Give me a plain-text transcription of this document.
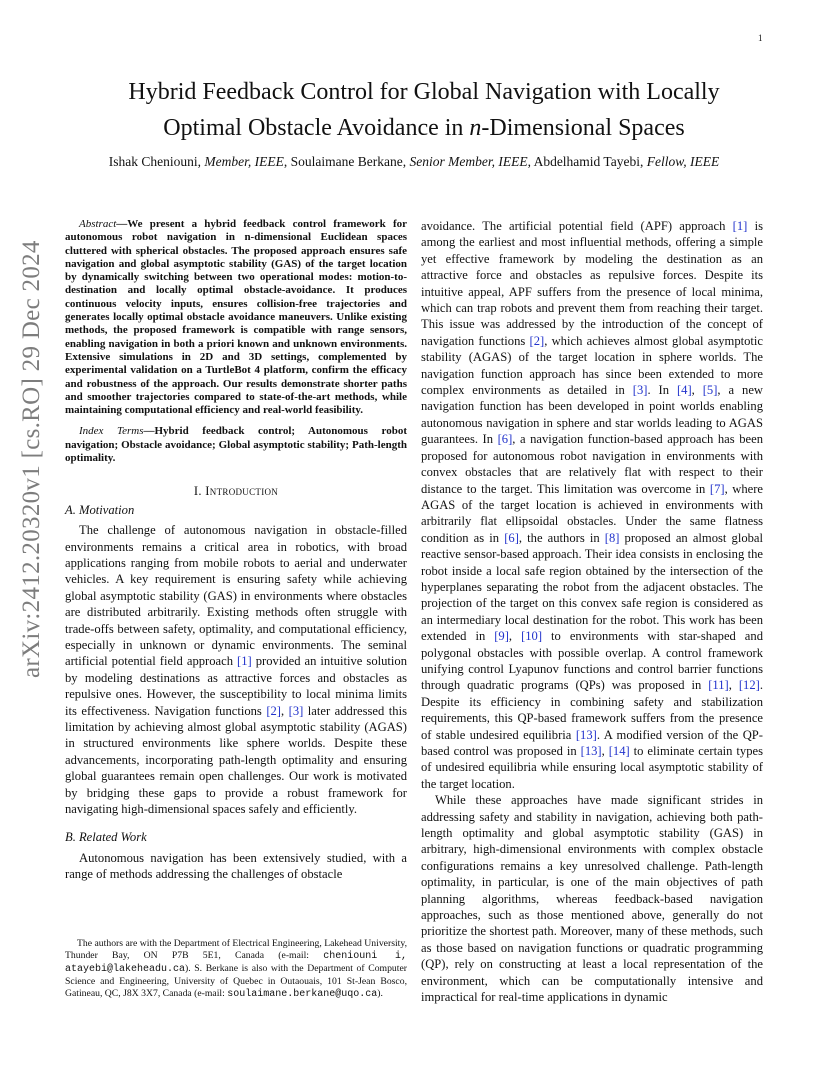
1
arXiv:2412.20320v1 [cs.RO] 29 Dec 2024
Hybrid Feedback Control for Global Navigation with Locally
Optimal Obstacle Avoidance in n-Dimensional Spaces
Ishak Cheniouni, Member, IEEE, Soulaimane Berkane, Senior Member, IEEE, Abdelhamid Tayebi, Fellow, IEEE

Abstract—We present a hybrid feedback control framework for autonomous robot navigation in n-dimensional Euclidean spaces cluttered with spherical obstacles. The proposed approach ensures safe navigation and global asymptotic stability (GAS) of the target location by dynamically switching between two operational modes: motion-to-destination and locally optimal obstacle-avoidance. It produces continuous velocity inputs, ensures collision-free trajectories and generates locally optimal obstacle avoidance maneuvers. Unlike existing methods, the proposed framework is compatible with range sensors, enabling navigation in both a priori known and unknown environments. Extensive simulations in 2D and 3D settings, complemented by experimental validation on a TurtleBot 4 platform, confirm the efficacy and robustness of the approach. Our results demonstrate shorter paths and smoother trajectories compared to state-of-the-art methods, while maintaining computational efficiency and real-world feasibility.

Index Terms—Hybrid feedback control; Autonomous robot navigation; Obstacle avoidance; Global asymptotic stability; Path-length optimality.

I. Introduction
A. Motivation

The challenge of autonomous navigation in obstacle-filled environments remains a critical area in robotics, with broad applications ranging from mobile robots to aerial and underwater vehicles. A key requirement is ensuring safety while achieving global asymptotic stability (GAS) in environments where obstacles are distributed arbitrarily. Existing methods often struggle with trade-offs between safety, optimality, and computational efficiency, especially in unknown or dynamic environments. The seminal artificial potential field approach [1] provided an intuitive solution by modeling destinations as attractive forces and obstacles as repulsive ones. However, the susceptibility to local minima limits its effectiveness. Navigation functions [2], [3] later addressed this limitation by achieving almost global asymptotic stability (AGAS) in structured environments like sphere worlds. Despite these advancements, incorporating path-length optimality and ensuring global guarantees remain open challenges. Our work is motivated by bridging these gaps to provide a robust framework for navigating high-dimensional spaces safely and efficiently.

B. Related Work

Autonomous navigation has been extensively studied, with a range of methods addressing the challenges of obstacle

The authors are with the Department of Electrical Engineering, Lakehead University, Thunder Bay, ON P7B 5E1, Canada (e-mail: cheniouni i, atayebi@lakeheadu.ca). S. Berkane is also with the Department of Computer Science and Engineering, University of Quebec in Outaouais, 101 St-Jean Bosco, Gatineau, QC, J8X 3X7, Canada (e-mail: soulaimane.berkane@uqo.ca).

avoidance. The artificial potential field (APF) approach [1] is among the earliest and most influential methods, offering a simple yet effective framework by modeling the destination as an attractive force and obstacles as repulsive forces. Despite its intuitive appeal, APF suffers from the presence of local minima, which can trap robots and prevent them from reaching their target. This issue was addressed by the introduction of the concept of navigation functions [2], which achieves almost global asymptotic stability (AGAS) of the target location in sphere worlds. The navigation function approach has since been extended to more complex environments as detailed in [3]. In [4], [5], a new navigation function has been developed in point worlds enabling autonomous navigation in sphere and star worlds leading to AGAS guarantees. In [6], a navigation function-based approach has been proposed for autonomous robot navigation in environments with convex obstacles that are relatively flat with respect to their distance to the target. This limitation was overcome in [7], where AGAS of the target location is achieved in environments with arbitrarily flat ellipsoidal obstacles. Under the same flatness condition as in [6], the authors in [8] proposed an almost global reactive sensor-based approach. Their idea consists in enclosing the robot inside a local safe region obtained by the intersection of the hyperplanes separating the robot from the adjacent obstacles. The projection of the target on this convex safe region is considered as an intermediary local destination for the robot. This work has been extended in [9], [10] to environments with star-shaped and polygonal obstacles with possible overlap. A control framework unifying control Lyapunov functions and control barrier functions through quadratic programs (QPs) was proposed in [11], [12]. Despite its efficiency in combining safety and stabilization requirements, this QP-based framework suffers from the presence of stable undesired equilibria [13]. A modified version of the QP-based control was proposed in [13], [14] to eliminate certain types of undesired equilibria while ensuring local asymptotic stability of the target location.

While these approaches have made significant strides in addressing safety and stability in navigation, achieving both path-length optimality and global asymptotic stability (GAS) in arbitrary, high-dimensional environments with complex obstacle configurations remains a key unresolved challenge. Path-length optimality, in particular, is one of the main objectives of path planning algorithms, whereas feedback-based navigation approaches, such as those mentioned above, generally do not prioritize the shortest path. Moreover, many of these methods, such as those based on navigation functions or quadratic programming (QP), rely on constructing at least a local representation of the environment, which can be computationally intensive and impractical for real-time applications in dynamic
